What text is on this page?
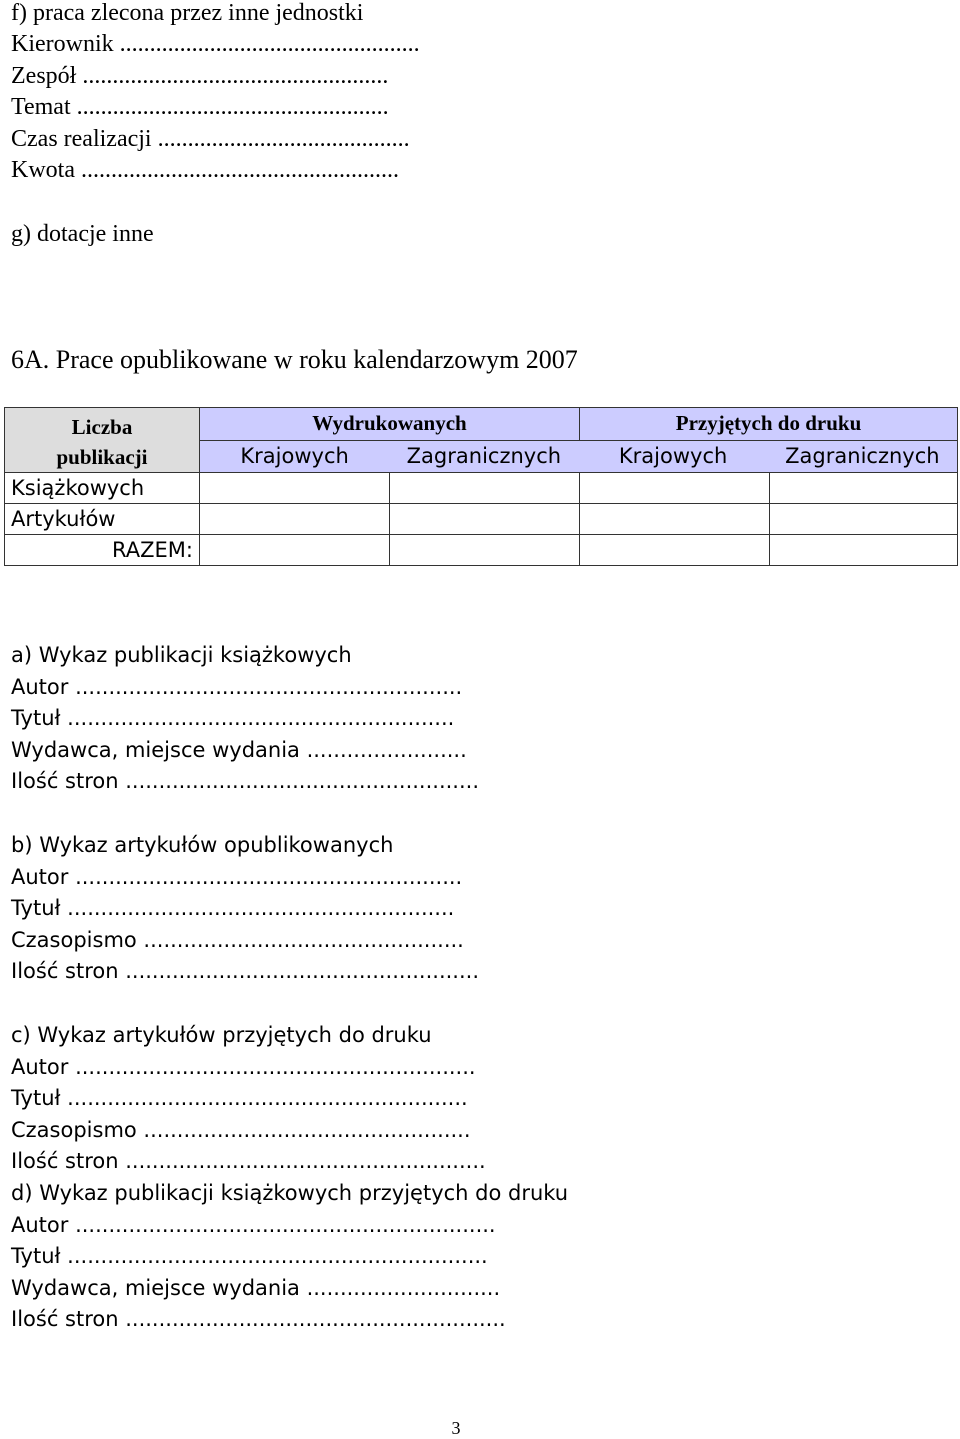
f) praca zlecona przez inne jednostki
Kierownik ..................................................
Zespół ...................................................
Temat ....................................................
Czas realizacji ..........................................
Kwota .....................................................
g) dotacje inne
6A. Prace opublikowane w roku kalendarzowym 2007
Liczba publikacji	Wydrukowanych		Przyjętych do druku	

	Krajowych Zagranicznych Krajowych Zagranicznych			

Książkowych				
Artykułów				
RAZEM:				
a) Wykaz publikacji książkowych
Autor ..........................................................
Tytuł ..........................................................
Wydawca, miejsce wydania ........................
Ilość stron .....................................................
b) Wykaz artykułów opublikowanych
Autor ..........................................................
Tytuł ..........................................................
Czasopismo ................................................
Ilość stron .....................................................
c) Wykaz artykułów przyjętych do druku
Autor ............................................................
Tytuł ............................................................
Czasopismo .................................................
Ilość stron ......................................................
d) Wykaz publikacji książkowych przyjętych do druku
Autor ...............................................................
Tytuł ...............................................................
Wydawca, miejsce wydania .............................
Ilość stron .........................................................
3
